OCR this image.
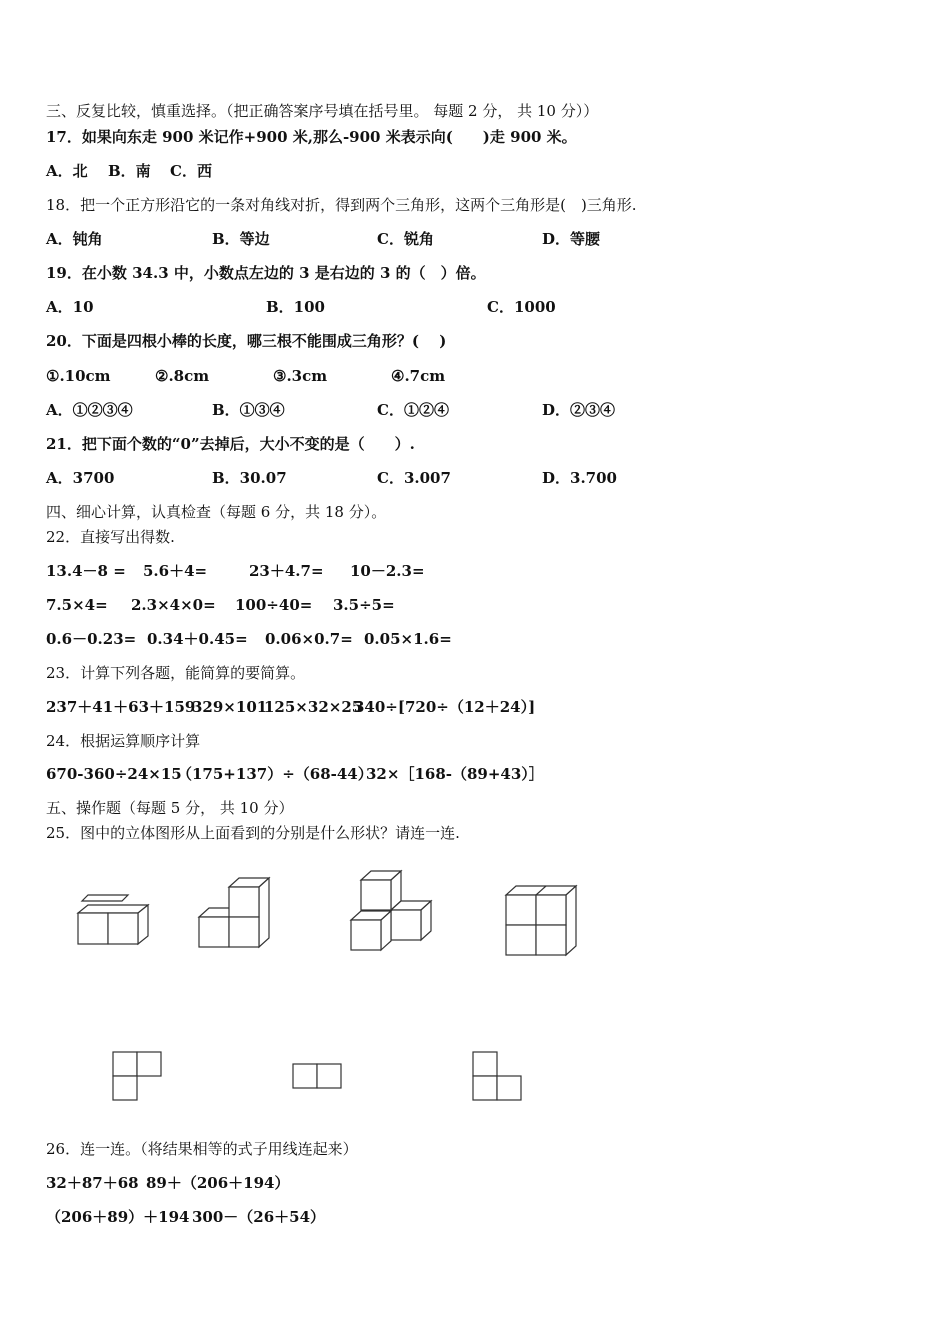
三、反复比较，慎重选择。（把正确答案序号填在括号里。 每题 2 分， 共 10 分））
17．如果向东走 900 米记作+900 米,那么-900 米表示向(　　)走 900 米。
A．北 B．南 C．西
18．把一个正方形沿它的一条对角线对折，得到两个三角形，这两个三角形是(　)三角形.
A．钝角	B．等边	C．锐角	D．等腰
19．在小数 34.3 中，小数点左边的 3 是右边的 3 的（　）倍。
A．10	B．100	C．1000
20．下面是四根小棒的长度，哪三根不能围成三角形？(　 )
①.10cm	②.8cm	③.3cm	④.7cm
A．①②③④	B．①③④	C．①②④	D．②③④
21．把下面个数的“0”去掉后，大小不变的是（　　）.
A．3700	B．30.07	C．3.007	D．3.700
四、细心计算，认真检查（每题 6 分，共 18 分）。
22．直接写出得数.
13.4－8 = 5.6＋4=	23＋4.7= 10－2.3=
7.5×4= 2.3×4×0= 100÷40= 3.5÷5=
0.6－0.23= 0.34＋0.45= 0.06×0.7= 0.05×1.6=
23．计算下列各题，能简算的要简算。
237＋41＋63＋159
329×101
125×32×25
340÷[720÷（12＋24）]
24．根据运算顺序计算
670-360÷24×15
（175+137）÷（68-44）
32×［168-（89+43）］
五、操作题（每题 5 分， 共 10 分）
25．图中的立体图形从上面看到的分别是什么形状？请连一连.
26．连一连。（将结果相等的式子用线连起来）
32＋87＋68 89＋（206＋194）
（206＋89）＋194 300－（26＋54）
